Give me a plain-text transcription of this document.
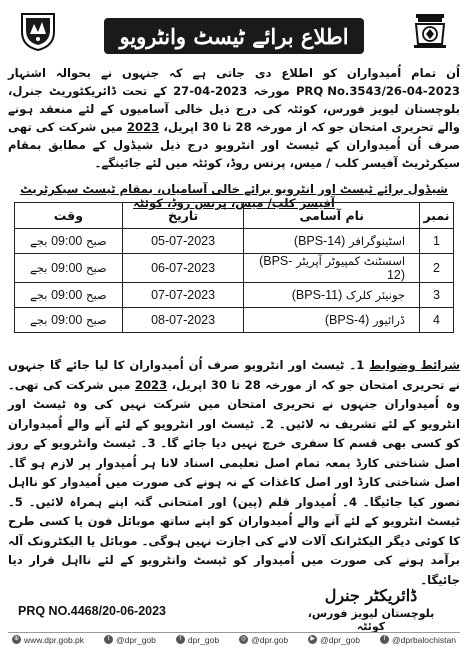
اطلاع برائے ٹیسٹ وانٹرویو
اُن تمام اُمیدواران کو اطلاع دی جاتی ہے کہ جنہوں نے بحوالہ اشتہار PRQ No.3543/26-04-2023 مورخہ 27-04-2023 کے تحت ڈائریکٹوریٹ جنرل، بلوچستان لیویز فورس، کوئٹہ کی درج ذیل خالی آسامیوں کے لئے منعقد ہونے والے تحریری امتحان جو کہ از مورخہ 28 تا 30 اپریل، 2023 میں شرکت کی تھی صرف اُن اُمیدواران کے ٹیسٹ اور انٹرویو درج ذیل شیڈول کے مطابق بمقام سیکرٹریٹ آفیسر کلب / میس، پرنس روڈ، کوئٹہ میں لئے جائینگے۔
شیڈول برائے ٹیسٹ اور انٹرویو برائے خالی آسامیاں، بمقام ٹیسٹ سیکرٹریٹ آفیسر کلب/ میس، پرنس روڈ، کوئٹہ
نمبر	نام آسامی	تاریخ	وقت
1	اسٹینوگرافر (BPS-14)	05-07-2023	صبح 09:00 بجے
2	اسسٹنٹ کمپیوٹر آپریٹر (BPS-12)	06-07-2023	صبح 09:00 بجے
3	جونیئر کلرک (BPS-11)	07-07-2023	صبح 09:00 بجے
4	ڈرائیور (BPS-4)	08-07-2023	صبح 09:00 بجے
شرائط وضوابط 1۔ ٹیسٹ اور انٹرویو صرف اُن اُمیدواران کا لیا جائے گا جنہوں نے تحریری امتحان جو کہ از مورخہ 28 تا 30 اپریل، 2023 میں شرکت کی تھی۔ وہ اُمیدواران جنہوں نے تحریری امتحان میں شرکت نہیں کی وہ ٹیسٹ اور انٹرویو کے لئے تشریف نہ لائیں۔ 2۔ ٹیسٹ اور انٹرویو کے لئے آنے والے اُمیدواران کو کسی بھی قسم کا سفری خرچ نہیں دیا جائے گا۔ 3۔ ٹیسٹ وانٹرویو کے روز اصل شناختی کارڈ بمعہ تمام اصل تعلیمی اسناد لانا ہر اُمیدوار پر لازم ہو گا۔ اصل شناختی کارڈ اور اصل کاغذات کے نہ ہونے کی صورت میں اُمیدوار کو نااہل تصور کیا جائیگا۔ 4۔ اُمیدوار قلم (پین) اور امتحانی گتہ اپنے ہمراہ لائیں۔ 5۔ ٹیسٹ انٹرویو کے لئے آنے والے اُمیدواران کو اپنے ساتھ موبائل فون یا کسی طرح کا کوئی دیگر الیکٹرانک آلات لانے کی اجازت نہیں ہوگی۔ موبائل یا الیکٹرونک آلہ برآمد ہونے کی صورت میں اُمیدوار کو ٹیسٹ وانٹرویو کے لئے نااہل قرار دیا جائیگا۔
ڈائریکٹر جنرل
بلوچستان لیویز فورس، کوئٹہ
PRQ NO.4468/20-06-2023
⊕ www.dpr.gob.pk	t @dpr_gob	f dpr_gob	◎ @dpr.gob	▶ @dpr_gob	f @dprbalochistan
